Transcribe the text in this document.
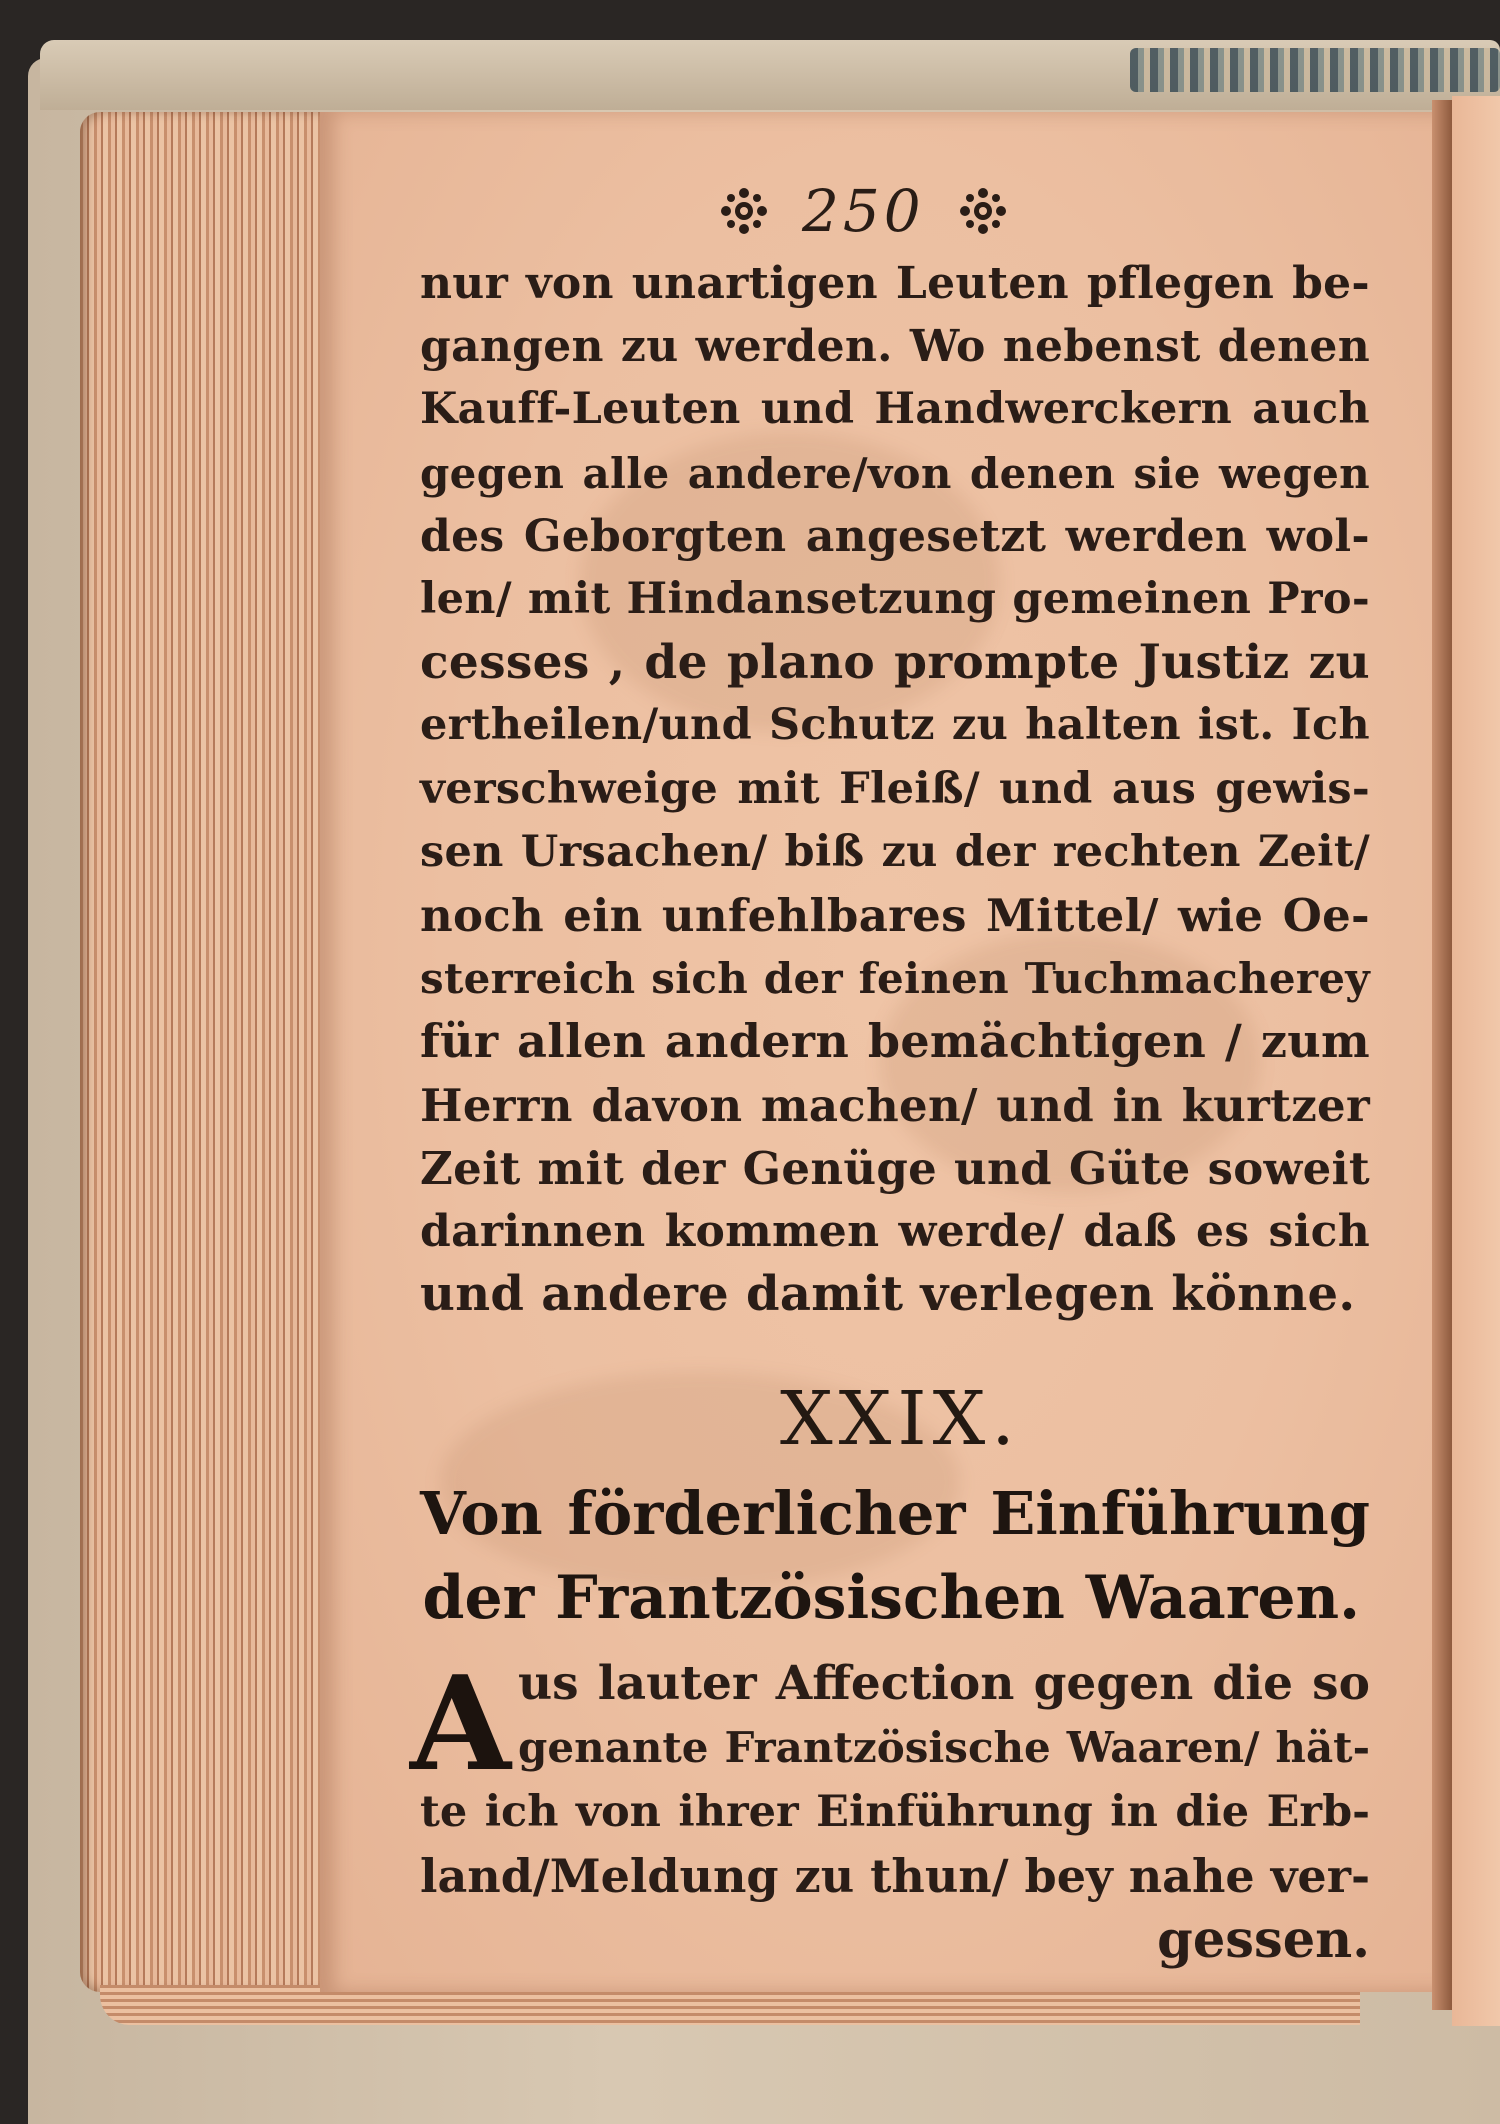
250
nur von unartigen Leuten pflegen be-
gangen zu werden. Wo nebenst denen
Kauff-Leuten und Handwerckern auch
gegen alle andere/von denen sie wegen
des Geborgten angesetzt werden wol-
len/ mit Hindansetzung gemeinen Pro-
cesses , de plano prompte Justiz zu
ertheilen/und Schutz zu halten ist. Ich
verschweige mit Fleiß/ und aus gewis-
sen Ursachen/ biß zu der rechten Zeit/
noch ein unfehlbares Mittel/ wie Oe-
sterreich sich der feinen Tuchmacherey
für allen andern bemächtigen / zum
Herrn davon machen/ und in kurtzer
Zeit mit der Genüge und Güte soweit
darinnen kommen werde/ daß es sich
und andere damit verlegen könne.
XXIX.
Von förderlicher Einführung
der Frantzösischen Waaren.
A us lauter Affection gegen die so
genante Frantzösische Waaren/ hät-
te ich von ihrer Einführung in die Erb-
land/Meldung zu thun/ bey nahe ver-
gessen.
